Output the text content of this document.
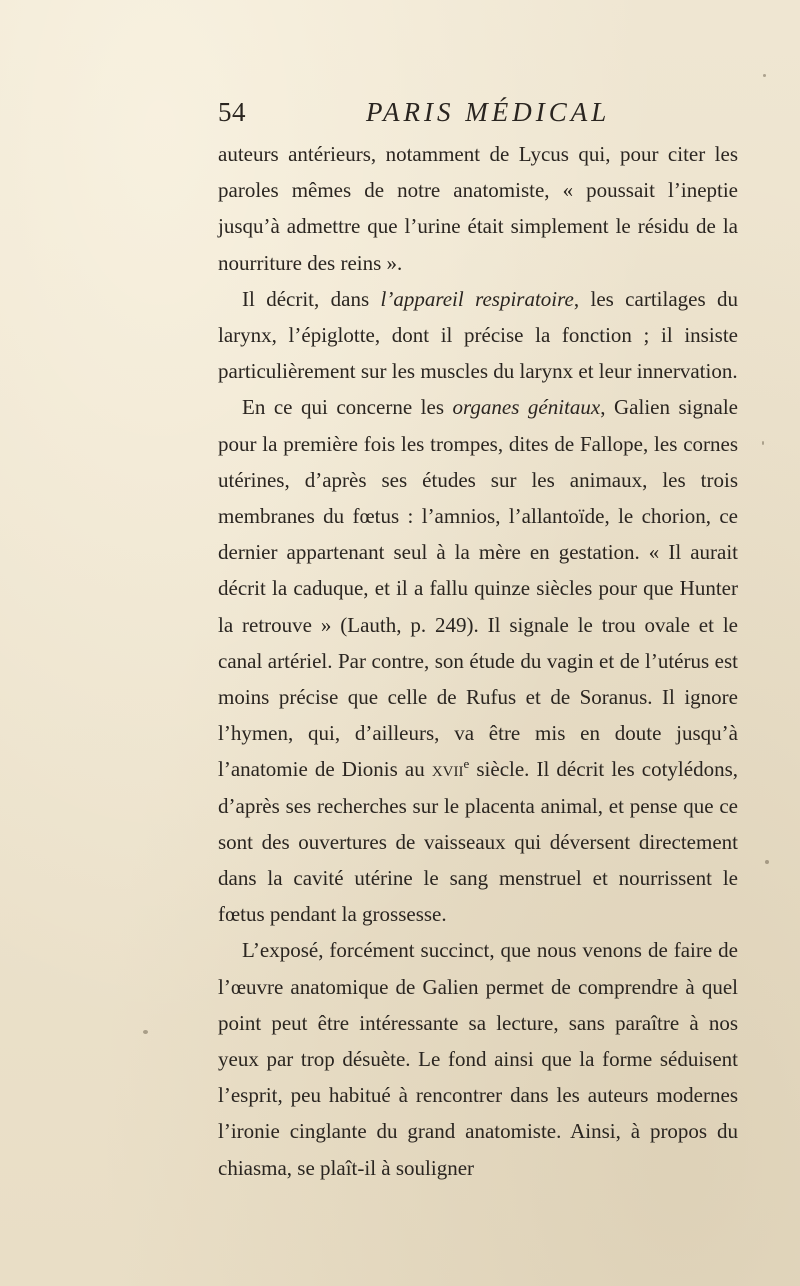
54	PARIS MÉDICAL

auteurs antérieurs, notamment de Lycus qui, pour citer les paroles mêmes de notre anatomiste, « poussait l’ineptie jusqu’à admettre que l’urine était simplement le résidu de la nourriture des reins ».

Il décrit, dans l’appareil respiratoire, les cartilages du larynx, l’épiglotte, dont il précise la fonction ; il insiste particulièrement sur les muscles du larynx et leur innervation.

En ce qui concerne les organes génitaux, Galien signale pour la première fois les trompes, dites de Fallope, les cornes utérines, d’après ses études sur les animaux, les trois membranes du fœtus : l’amnios, l’allantoïde, le chorion, ce dernier appartenant seul à la mère en gestation. « Il aurait décrit la caduque, et il a fallu quinze siècles pour que Hunter la retrouve » (Lauth, p. 249). Il signale le trou ovale et le canal artériel. Par contre, son étude du vagin et de l’utérus est moins précise que celle de Rufus et de Soranus. Il ignore l’hymen, qui, d’ailleurs, va être mis en doute jusqu’à l’anatomie de Dionis au xvii$^e$ siècle. Il décrit les cotylédons, d’après ses recherches sur le placenta animal, et pense que ce sont des ouvertures de vaisseaux qui déversent directement dans la cavité utérine le sang menstruel et nourrissent le fœtus pendant la grossesse.

L’exposé, forcément succinct, que nous venons de faire de l’œuvre anatomique de Galien permet de comprendre à quel point peut être intéressante sa lecture, sans paraître à nos yeux par trop désuète. Le fond ainsi que la forme séduisent l’esprit, peu habitué à rencontrer dans les auteurs modernes l’ironie cinglante du grand anatomiste. Ainsi, à propos du chiasma, se plaît-il à souligner
